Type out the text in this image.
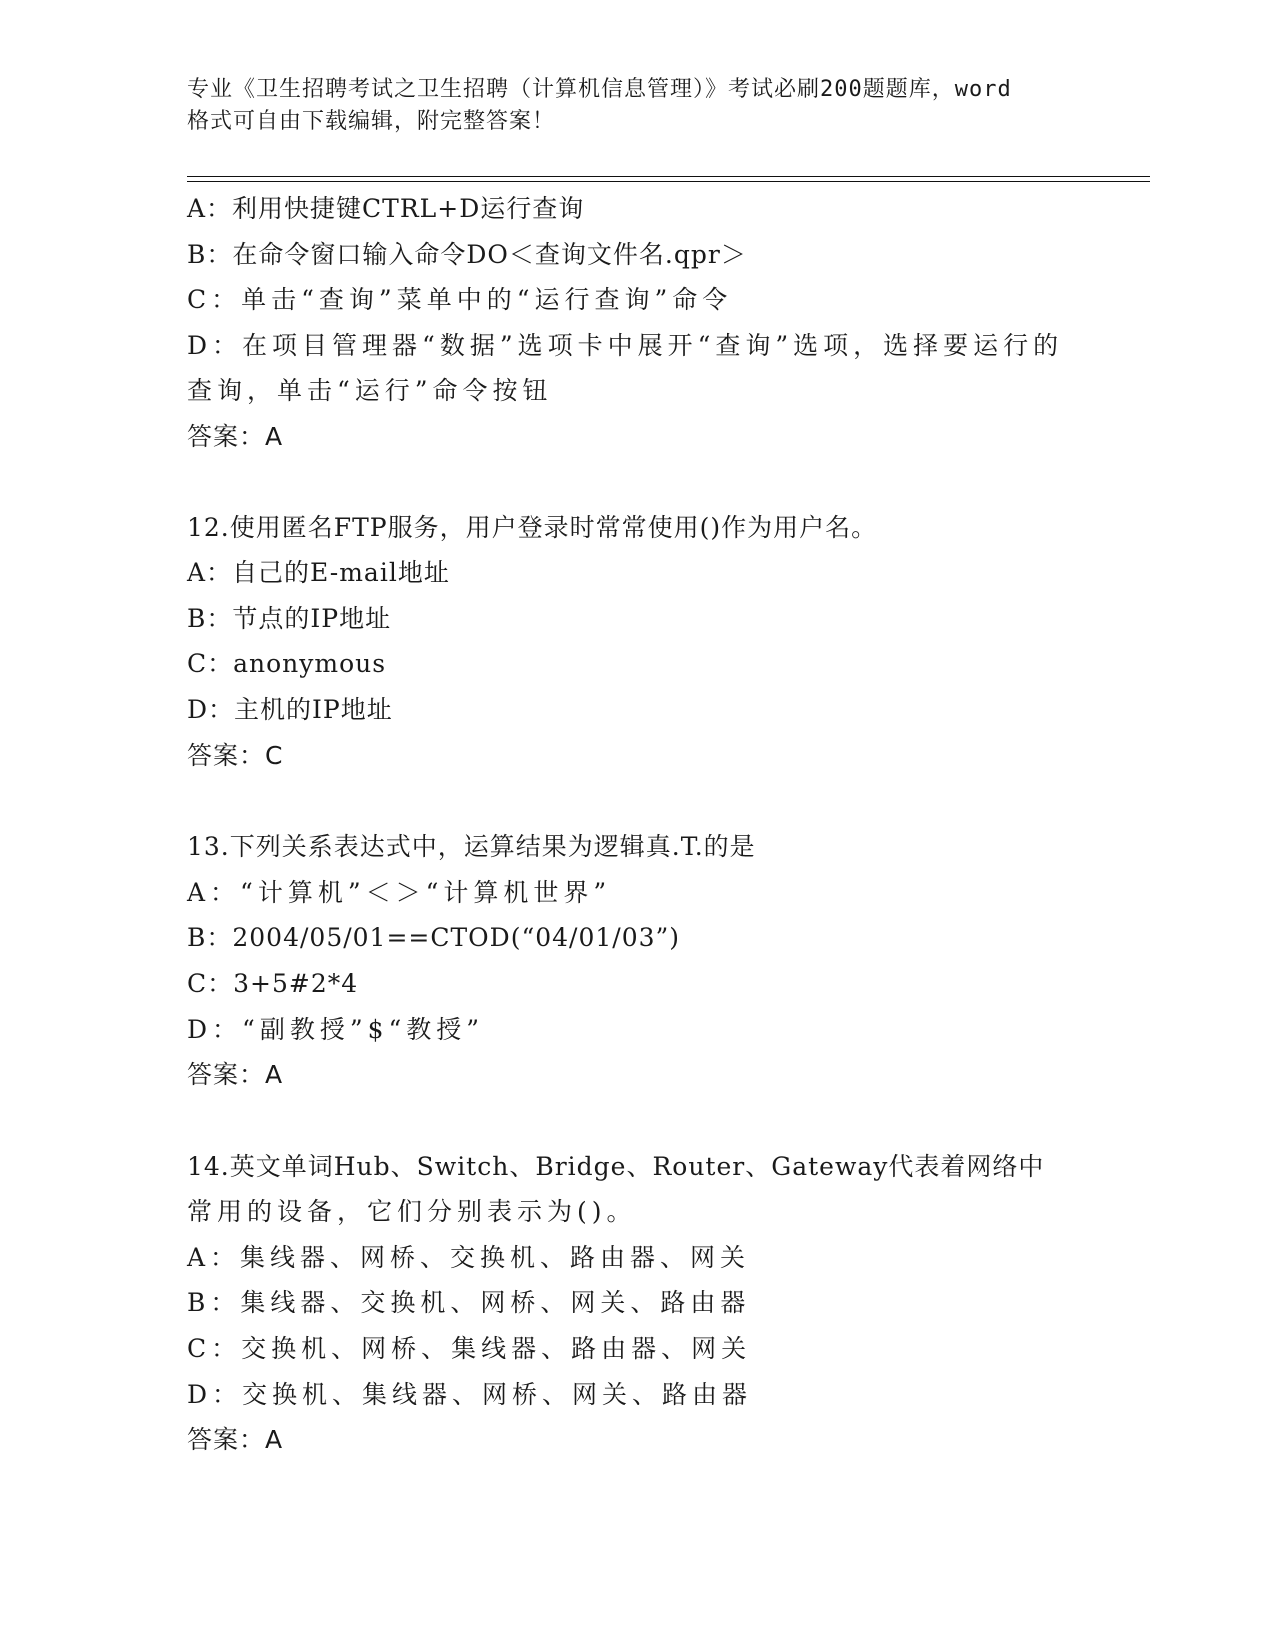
专业《卫生招聘考试之卫生招聘（计算机信息管理）》考试必刷200题题库，word
格式可自由下载编辑，附完整答案！
A：利用快捷键CTRL+D运行查询
B：在命令窗口输入命令DO＜查询文件名.qpr＞
C：单击“查询”菜单中的“运行查询”命令
D：在项目管理器“数据”选项卡中展开“查询”选项，选择要运行的
查询，单击“运行”命令按钮
答案：A
12.使用匿名FTP服务，用户登录时常常使用()作为用户名。
A：自己的E-mail地址
B：节点的IP地址
C：anonymous
D：主机的IP地址
答案：C
13.下列关系表达式中，运算结果为逻辑真.T.的是
A：“计算机”＜＞“计算机世界”
B：2004/05/01==CTOD(“04/01/03”)
C：3+5#2*4
D：“副教授”$“教授”
答案：A
14.英文单词Hub、Switch、Bridge、Router、Gateway代表着网络中
常用的设备，它们分别表示为()。
A：集线器、网桥、交换机、路由器、网关
B：集线器、交换机、网桥、网关、路由器
C：交换机、网桥、集线器、路由器、网关
D：交换机、集线器、网桥、网关、路由器
答案：A
